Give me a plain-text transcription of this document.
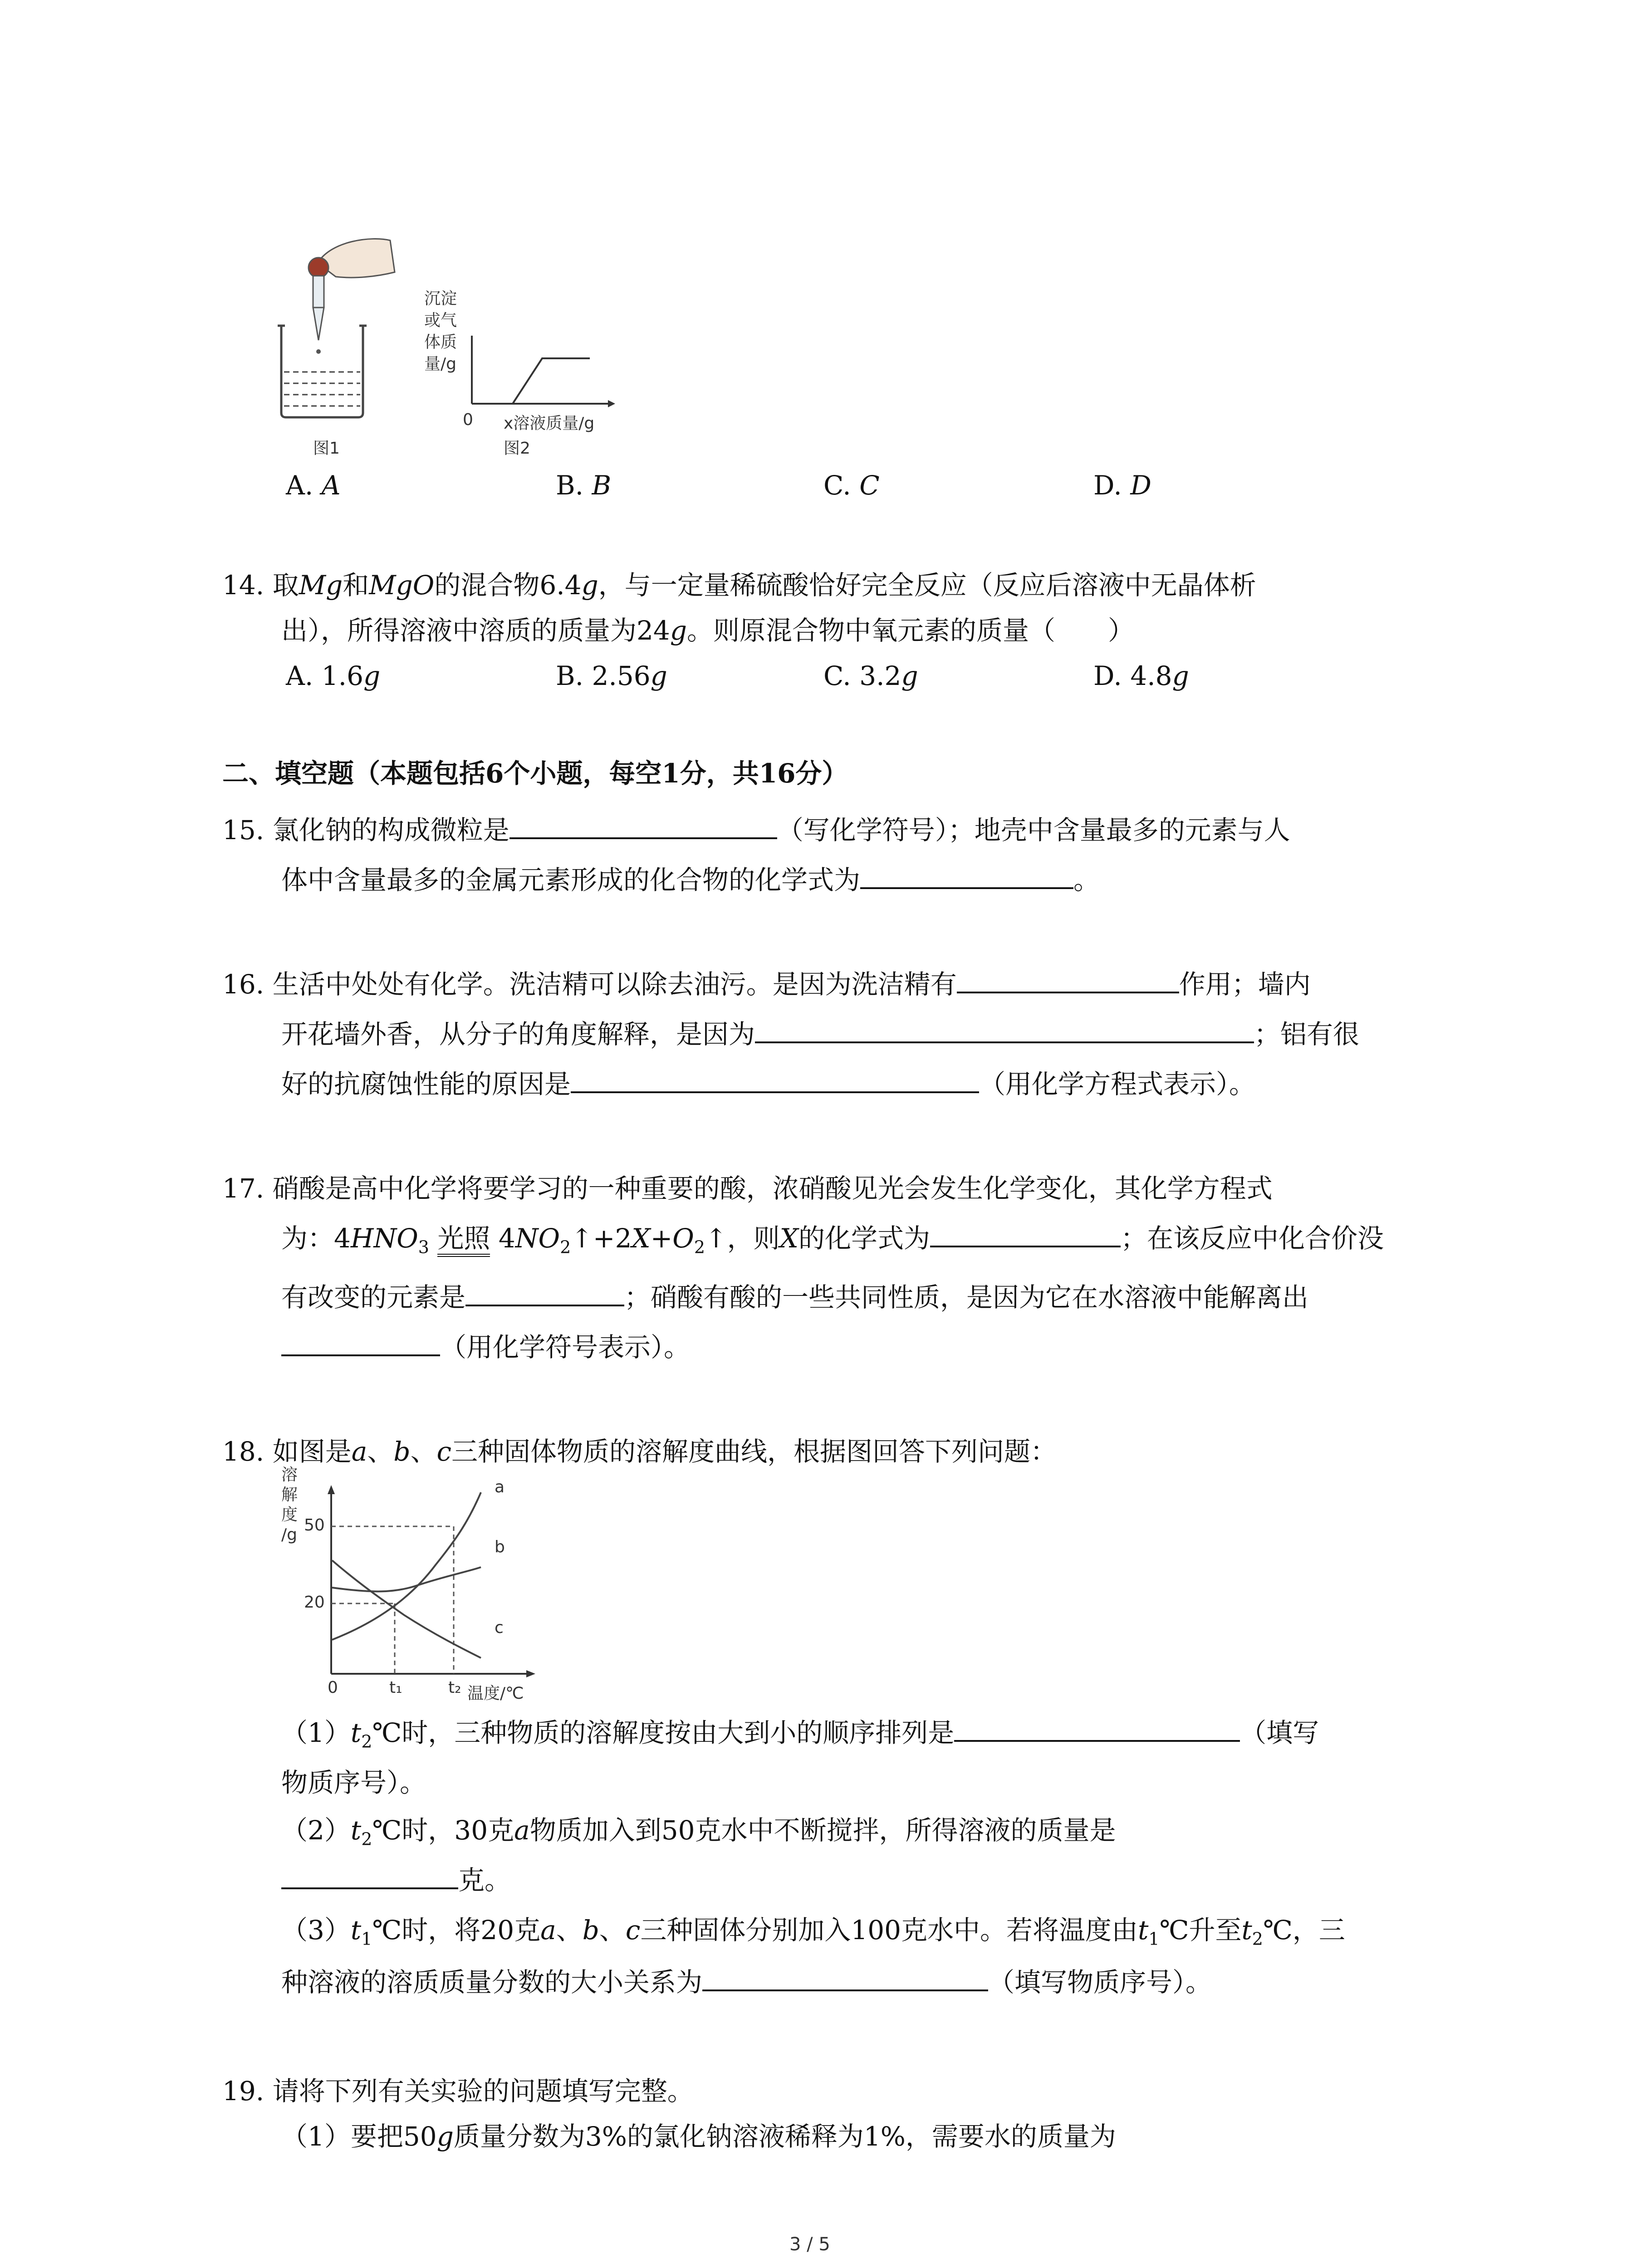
图1
沉淀
或气
体质
量/g
0 x溶液质量/g
图2
A. A	B. B	C. C	D. D
14. 取Mg和MgO的混合物6.4g，与一定量稀硫酸恰好完全反应（反应后溶液中无晶体析
出），所得溶液中溶质的质量为24g。则原混合物中氧元素的质量（　　）
A. 1.6g	B. 2.56g	C. 3.2g	D. 4.8g
二、填空题（本题包括6个小题，每空1分，共16分）
15. 氯化钠的构成微粒是	（写化学符号）；地壳中含量最多的元素与人
体中含量最多的金属元素形成的化合物的化学式为	。
16. 生活中处处有化学。洗洁精可以除去油污。是因为洗洁精有	作用；墙内
开花墙外香，从分子的角度解释，是因为	；铝有很
好的抗腐蚀性能的原因是	（用化学方程式表示）。
17. 硝酸是高中化学将要学习的一种重要的酸，浓硝酸见光会发生化学变化，其化学方程式
为：$4HNO_3$ 光照 $4NO_2↑+2X+O_2↑$，则X的化学式为	；在该反应中化合价没
有改变的元素是	；硝酸有酸的一些共同性质，是因为它在水溶液中能解离出
（用化学符号表示）。
18. 如图是a、b、c三种固体物质的溶解度曲线，根据图回答下列问题：
溶
解
度
/g
50
20
0	t₁	t₂ 温度/℃
a
b
c
$(1)t_2℃$时，三种物质的溶解度按由大到小的顺序排列是	（填写
物质序号）。
$(2)t_2℃$时，30克a物质加入到50克水中不断搅拌，所得溶液的质量是
克。
$(3)t_1℃$时，将20克a、b、c三种固体分别加入100克水中。若将温度由$t_1℃$升至$t_2℃$，三
种溶液的溶质质量分数的大小关系为	（填写物质序号）。
19. 请将下列有关实验的问题填写完整。
（1）要把50g质量分数为3%的氯化钠溶液稀释为1%，需要水的质量为
3 / 5
